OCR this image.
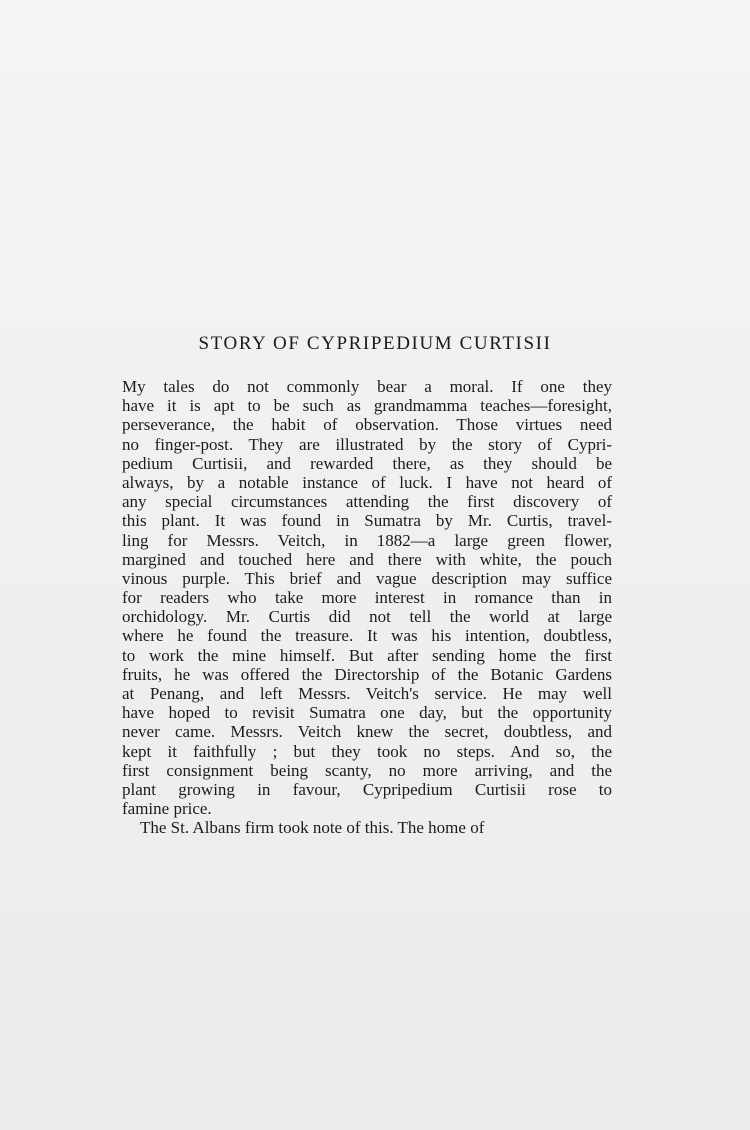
STORY OF CYPRIPEDIUM CURTISII
My tales do not commonly bear a moral. If one they
have it is apt to be such as grandmamma teaches—foresight,
perseverance, the habit of observation. Those virtues need
no finger-post. They are illustrated by the story of Cypri-
pedium Curtisii, and rewarded there, as they should be
always, by a notable instance of luck. I have not heard of
any special circumstances attending the first discovery of
this plant. It was found in Sumatra by Mr. Curtis, travel-
ling for Messrs. Veitch, in 1882—a large green flower,
margined and touched here and there with white, the pouch
vinous purple. This brief and vague description may suffice
for readers who take more interest in romance than in
orchidology. Mr. Curtis did not tell the world at large
where he found the treasure. It was his intention, doubtless,
to work the mine himself. But after sending home the first
fruits, he was offered the Directorship of the Botanic Gardens
at Penang, and left Messrs. Veitch's service. He may well
have hoped to revisit Sumatra one day, but the opportunity
never came. Messrs. Veitch knew the secret, doubtless, and
kept it faithfully ; but they took no steps. And so, the
first consignment being scanty, no more arriving, and the
plant growing in favour, Cypripedium Curtisii rose to
famine price.
The St. Albans firm took note of this. The home of
